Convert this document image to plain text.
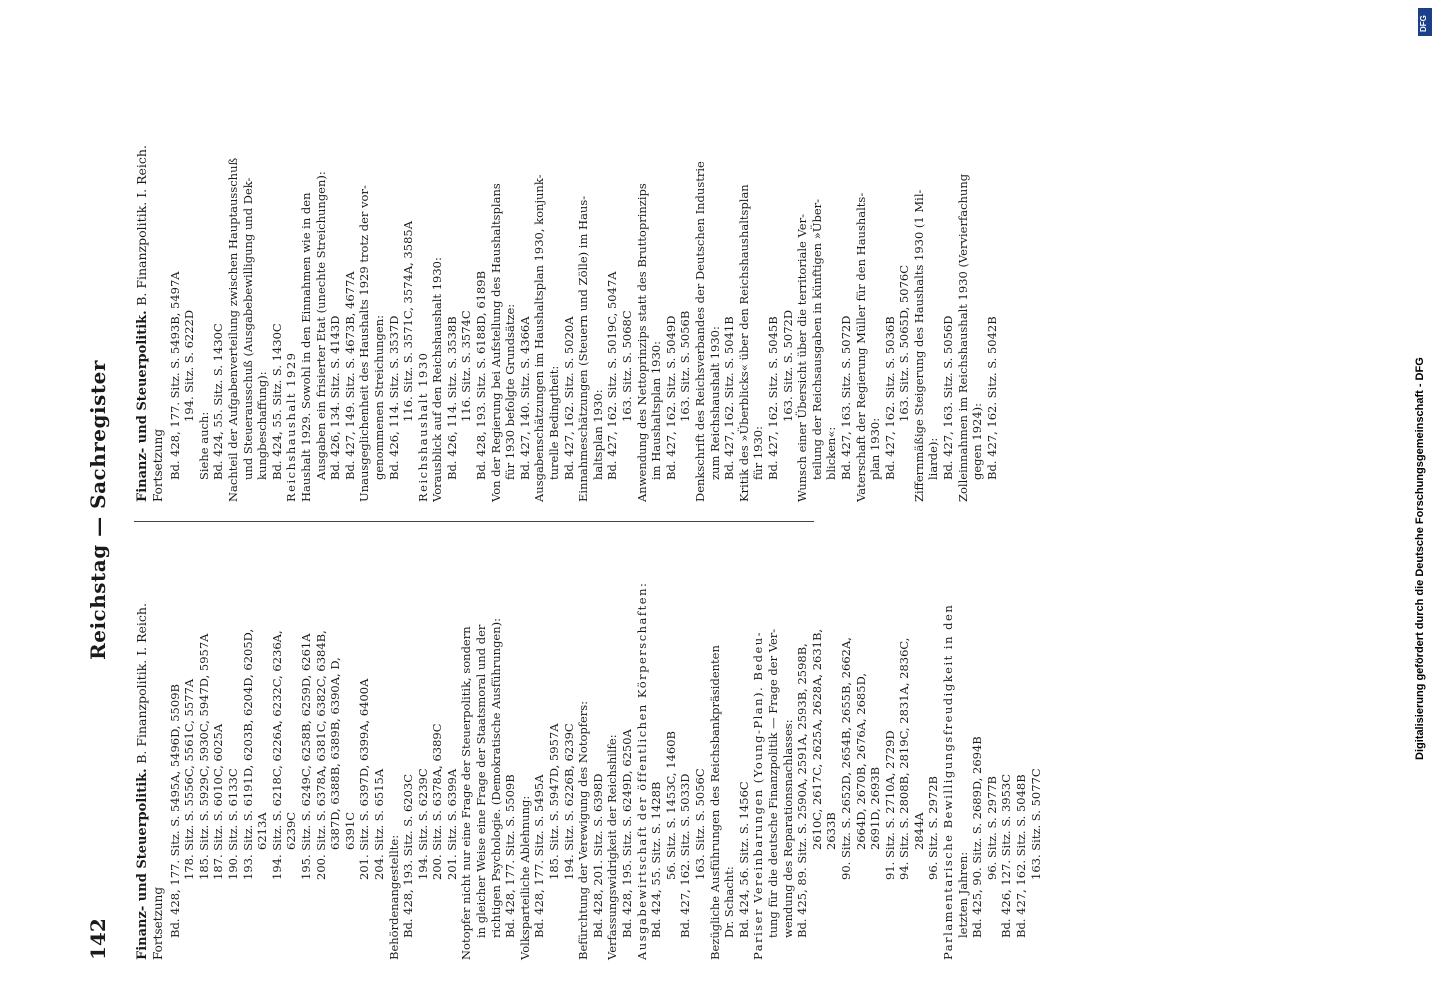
142
Reichstag — Sachregister
Finanz- und Steuerpolitik. B. Finanzpolitik. I. Reich.
Fortsetzung Bd. 428, 177. Sitz. S. 5495A, 5496D, 5509B 178. Sitz. S. 5556C, 5561C, 5577A 185. Sitz. S. 5929C, 5930C, 5947D, 5957A 187. Sitz. S. 6010C, 6025A 190. Sitz. S. 6133C 193. Sitz. S. 6191D, 6203B, 6204D, 6205D, 6213A 194. Sitz. S. 6218C, 6226A, 6232C, 6236A, 6239C 195. Sitz. S. 6249C, 6258B, 6259D, 6261A 200. Sitz. S. 6378A, 6381C, 6382C, 6384B, 6387D, 6388B, 6389B, 6390A, D, 6391C 201. Sitz. S. 6397D, 6399A, 6400A 204. Sitz. S. 6515A
Behördenangestellte: Bd. 428, 193. Sitz. S. 6203C 194. Sitz. S. 6239C 200. Sitz. S. 6378A, 6389C 201. Sitz. S. 6399A Notopfer nicht nur eine Frage der Steuerpolitik, sondern in gleicher Weise eine Frage der Staatsmoral und der richtigen Psychologie. (Demokratische Ausführungen): Bd. 428, 177. Sitz. S. 5509B Volksparteiliche Ablehnung: Bd. 428, 177. Sitz. S. 5495A 185. Sitz. S. 5947D, 5957A 194. Sitz. S. 6226B, 6239C Befürchtung der Verewigung des Notopfers: Bd. 428, 201. Sitz. S. 6398D Verfassungswidrigkeit der Reichshilfe: Bd. 428, 195. Sitz. S. 6249D, 6250A Ausgabewirtschaft der öffentlichen Körperschaften: Bd. 424, 55. Sitz. S. 1428B 56. Sitz. S. 1453C, 1460B Bd. 427, 162. Sitz. S. 5033D 163. Sitz. S. 5056C Bezügliche Ausführungen des Reichsbankpräsidenten Dr. Schacht: Bd. 424, 56. Sitz. S. 1456C Pariser Vereinbarungen (Young-Plan). Bedeu- tung für die deutsche Finanzpolitik — Frage der Ver- wendung des Reparationsnachlasses: Bd. 425, 89. Sitz. S. 2590A, 2591A, 2593B, 2598B, 2610C, 2617C, 2625A, 2628A, 2631B, 2633B 90. Sitz. S. 2652D, 2654B, 2655B, 2662A, 2664D, 2670B, 2676A, 2685D, 2691D, 2693B 91. Sitz. S. 2710A, 2729D 94. Sitz. S. 2808B, 2819C, 2831A, 2836C, 2844A 96. Sitz. S. 2972B Parlamentarische Bewilligungsfreudigkeit in den letzten Jahren: Bd. 425, 90. Sitz. S. 2689D, 2694B 96. Sitz. S. 2977B Bd. 426, 127. Sitz. S. 3953C Bd. 427, 162. Sitz. S. 5048B 163. Sitz. S. 5077C
Finanz- und Steuerpolitik. B. Finanzpolitik. I. Reich.
Fortsetzung Bd. 428, 177. Sitz. S. 5493B, 5497A 194. Sitz. S. 6222D
Siehe auch: Bd. 424, 55. Sitz. S. 1430C Nachteil der Aufgabenverteilung zwischen Hauptausschuß und Steuerausschuß (Ausgabebewilligung und Dek- kungbeschaffung): Bd. 424, 55. Sitz. S. 1430C Reichshaushalt 1929 Haushalt 1929. Sowohl in den Einnahmen wie in den Ausgaben ein frisierter Etat (unechte Streichungen): Bd. 426, 134. Sitz. S. 4143D Bd. 427, 149. Sitz. S. 4673B, 4677A Unausgeglichenheit des Haushalts 1929 trotz der vor- genommenen Streichungen: Bd. 426, 114. Sitz. S. 3537D 116. Sitz. S. 3571C, 3574A, 3585A
Reichshaushalt 1930 Vorausblick auf den Reichshaushalt 1930: Bd. 426, 114. Sitz. S. 3538B 116. Sitz. S. 3574C Bd. 428, 193. Sitz. S. 6188D, 6189B Von der Regierung bei Aufstellung des Haushaltsplans für 1930 befolgte Grundsätze: Bd. 427, 140. Sitz. S. 4366A Ausgabenschätzungen im Haushaltsplan 1930, konjunk- turelle Bedingtheit: Bd. 427, 162. Sitz. S. 5020A Einnahmeschätzungen (Steuern und Zölle) im Haus- haltsplan 1930: Bd. 427, 162. Sitz. S. 5019C, 5047A 163. Sitz. S. 5068C Anwendung des Nettoprinzips statt des Bruttoprinzips im Haushaltsplan 1930: Bd. 427, 162. Sitz. S. 5049D 163. Sitz. S. 5056B Denkschrift des Reichsverbandes der Deutschen Industrie zum Reichshaushalt 1930: Bd. 427, 162. Sitz. S. 5041B Kritik des »Überblicks« über den Reichshaushaltsplan für 1930: Bd. 427, 162. Sitz. S. 5045B 163. Sitz. S. 5072D Wunsch einer Übersicht über die territoriale Ver- teilung der Reichsausgaben in künftigen »Über- blicken«: Bd. 427, 163. Sitz. S. 5072D Vaterschaft der Regierung Müller für den Haushalts- plan 1930: Bd. 427, 162. Sitz. S. 5036B 163. Sitz. S. 5065D, 5076C Ziffernmäßige Steigerung des Haushalts 1930 (1 Mil- liarde): Bd. 427, 163. Sitz. S. 5056D Zolleinnahmen im Reichshaushalt 1930 (Vervierfachung gegen 1924): Bd. 427, 162. Sitz. S. 5042B	Digitalisierung gefördert durch die Deutsche Forschungsgemeinschaft - DFG
DFG
